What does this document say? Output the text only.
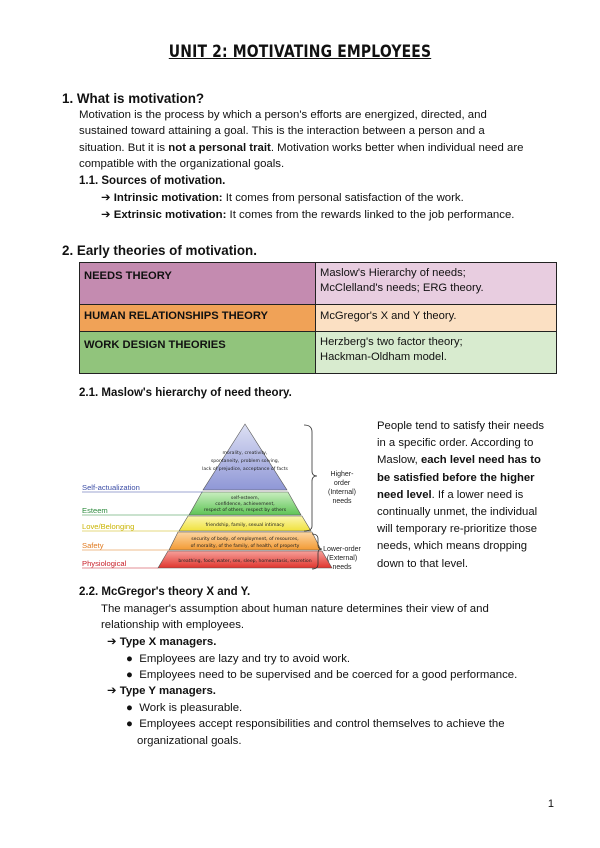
UNIT 2: MOTIVATING EMPLOYEES
1. What is motivation?
Motivation is the process by which a person's efforts are energized, directed, and
sustained toward attaining a goal. This is the interaction between a person and a
situation. But it is not a personal trait. Motivation works better when individual need are
compatible with the organizational goals.
1.1. Sources of motivation.
➔ Intrinsic motivation: It comes from personal satisfaction of the work.
➔ Extrinsic motivation: It comes from the rewards linked to the job performance.
2. Early theories of motivation.
NEEDS THEORY	Maslow's Hierarchy of needs;
McClelland's needs; ERG theory.

HUMAN RELATIONSHIPS THEORY	McGregor's X and Y theory.

WORK DESIGN THEORIES	Herzberg's two factor theory;
Hackman-Oldham model.
2.1. Maslow's hierarchy of need theory.
morality, creativity,
spontaneity, problem solving,
lack of prejudice, acceptance of facts
self-esteem,
confidence, achievement,
respect of others, respect by others
friendship, family, sexual intimacy
security of body, of employment, of resources,
of morality, of the family, of health, of property
breathing, food, water, sex, sleep, homeostasis, excretion
Self-actualization
Esteem
Love/Belonging
Safety
Physiological
Higher-
order
(Internal)
needs
Lower-order
(External)
needs
People tend to satisfy their needs
in a specific order. According to
Maslow, each level need has to
be satisfied before the higher
need level. If a lower need is
continually unmet, the individual
will temporary re-prioritize those
needs, which means dropping
down to that level.
2.2. McGregor's theory X and Y.
The manager's assumption about human nature determines their view of and
relationship with employees.
➔ Type X managers.
● Employees are lazy and try to avoid work.
● Employees need to be supervised and be coerced for a good performance.
➔ Type Y managers.
● Work is pleasurable.
● Employees accept responsibilities and control themselves to achieve the
organizational goals.
1
